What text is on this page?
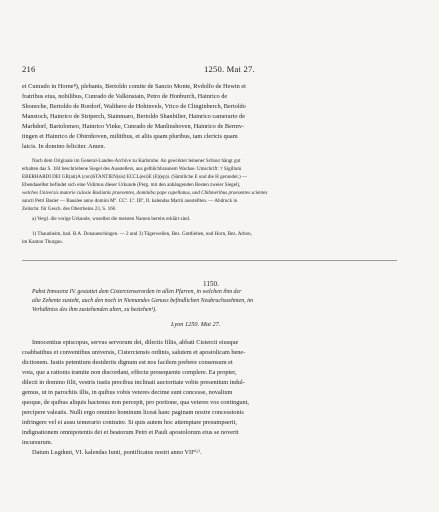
216	1250. Mai 27.

et Cunrado in Horne⁸), plebanis, Bertoldo comite de Sancto Monte, Rvdolfo de Hewin et

fratribus eius, nobilibus, Cunrado de Valkinstain, Petro de Honburch, Hainrico de

Shoneche, Bertoldo de Rordorf, Walthero de Hohinvels, Vrico de Clinginberch, Bertoldo

Manstoch, Hainrico de Striperch, Stainmaro, Bertoldo Shanbilier, Hainrico camerario de

Marhdorf, Bartolomeo, Hainrico Vinke, Cunrado de Manlinshoven, Hainrico de Bermv-

tingen et Hainrico de Obirnhoven, militibus, et aliis quam pluribus, tam clericis quam

laicis. In domino feliciter. Amen.

Nach dem Originale im General-Landes-Archive zu Karlsruhe. An gewirkter leinener Schnur hängt gut

erhalten das S. 184 beschriebene Siegel des Ausstellers, aus gelblichbraunem Wachse. Umschrift: † Sigillum

EBERHARDI DEI GR(ati)A (con)STANTIEN(sis) ECCL(esi)E (E)(ep)i. (Sämtliche E und die H gerundet.) —

Ebendaselbst befindet sich eine Vidimus dieser Urkunde (Perg. mit den anhängenden Resten zweier Siegel),

welches Universis mutorie culosie Baslianis praesentes, dominiba pape capellanus, und Chibmeribus praesentes scientes

sancti Petri Basler — Bauslee anno domini Mº. CCº. Lº. IIIº, II. kalendas Martii ausstellten. — Abdruck in

Zeitschr. für Gesch. des Oberrheins 23, S. 166.

a) Vergl. die vorige Urkunde, woselbst die meisten Namen bereits erklärt sind.

1) Thaunheim, bad. B.A. Donaueschingen. — 2 und 3) Tägerweilen, Bez. Gottlieben, und Horn, Bez. Arbon,

im Kanton Thurgau.

1150.

Pabst Innocenz IV. gestattet dem Cistercienserorden in allen Pfarren, in welchen ihm der

alte Zehente zusteht, auch den noch in Niemandes Genuss befindlichen Neubruchszehnten, im

Verhältniss des ihm zustehenden alten, zu beziehen¹).

Lyon 1250. Mai 27.

Innocentius episcopus, servus servorum dei, dilectis filiis, abbati Cistercii eiusque

coabbatibus et conventibus universis, Cisterciensis ordinis, salutem et apostolicam bene-

dictionem. Iustis petentium desideriis dignum est nos facilem prebere consensum et

vota, que a rationis tramite non discordant, effectu prosequente complere. Ea propter,

dilecti in domino filii, vestris iustis precibus inclinati auctoritate vobis presentium indul-

gemus, ut in parochiis illis, in quibus vobis veteres decime sunt concesse, novalium

quoque, de quibus aliquis hactenus non percepit, pro portione, qua veteres vos contingunt,

percipere valeatis. Nulli ergo omnino hominum liceat hanc paginam nostre concessionis

infringere vel ei ausu temerario contraire. Si quis autem hoc attemptare presumpserit,

indignationem omnipotentis dei et beatorum Petri et Pauli apostolorum eius se noverit

incursurum.

Datum Lugduni, VI. kalendas Iunii, pontificatus nostri anno VIIº⁽ᵃ⁾.
